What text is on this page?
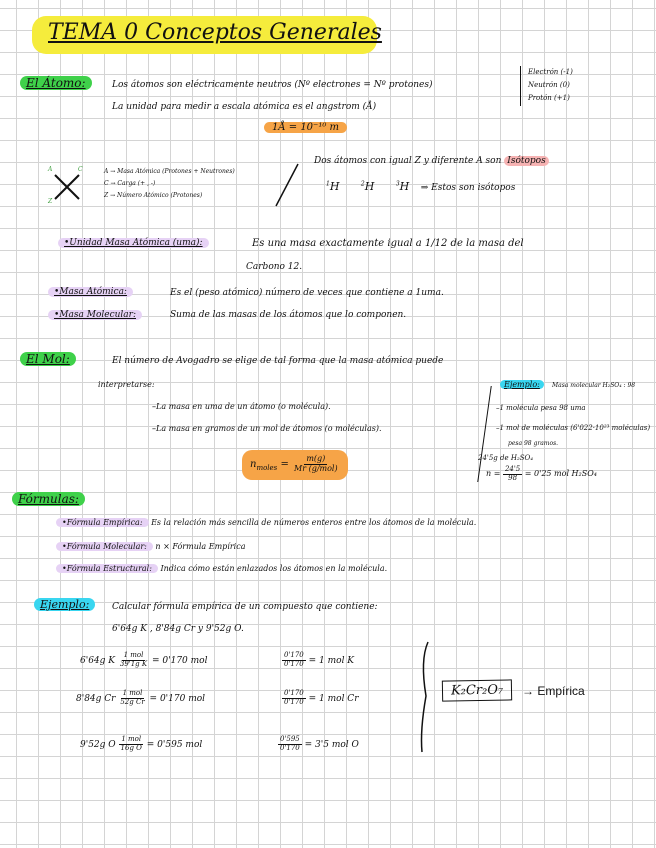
TEMA 0 Conceptos Generales
El Átomo:	Los átomos son eléctricamente neutros (Nº electrones = Nº protones)
La unidad para medir a escala atómica es el angstrom (Å)
1Å = 10⁻¹⁰ m
Electrón (-1)
Neutrón (0)
Protón (+1)
A	C
Z
A → Masa Atómica (Protones + Neutrones)
C → Carga (+ , -)
Z → Número Atómico (Protones)
Dos átomos con igual Z y diferente A son Isótopos
$^1$H	$^2$H	$^3$H ⇒ Estos son isótopos
•Unidad Masa Atómica (uma):	Es una masa exactamente igual a 1/12 de la masa del
Carbono 12.
•Masa Atómica:	Es el (peso atómico) número de veces que contiene a 1uma.
•Masa Molecular:	Suma de las masas de los átomos que lo componen.
El Mol:	El número de Avogadro se elige de tal forma que la masa atómica puede
interpretarse:
–La masa en uma de un átomo (o molécula).
–La masa en gramos de un mol de átomos (o moléculas).
$n_{moles} = \frac{m(g)}{\text{Mr (g/mol)}}$
Ejemplo:	Masa molecular H₂SO₄ : 98
–1 molécula pesa 98 uma
–1 mol de moléculas (6'022·10²³ moléculas)
pesa 98 gramos.
24'5g de H₂SO₄
$n = \frac{24'5}{98} = 0'25$ mol H₂SO₄
Fórmulas:
•Fórmula Empírica: Es la relación más sencilla de números enteros entre los átomos de la molécula.
•Fórmula Molecular: n × Fórmula Empírica
•Fórmula Estructural: Indica cómo están enlazados los átomos en la molécula.
Ejemplo:	Calcular fórmula empírica de un compuesto que contiene:
6'64g K , 8'84g Cr y 9'52g O.
6'64g K $\frac{\text{1 mol}}{\text{39'1g K}} = 0'170$ mol	$\frac{0'170}{0'170} = 1$ mol K
8'84g Cr $\frac{\text{1 mol}}{\text{52g Cr}} = 0'170$ mol	$\frac{0'170}{0'170} = 1$ mol Cr
9'52g O $\frac{\text{1 mol}}{\text{16g O}} = 0'595$ mol	$\frac{0'595}{0'170} = 3'5$ mol O
K₂Cr₂O₇	→ Empírica
